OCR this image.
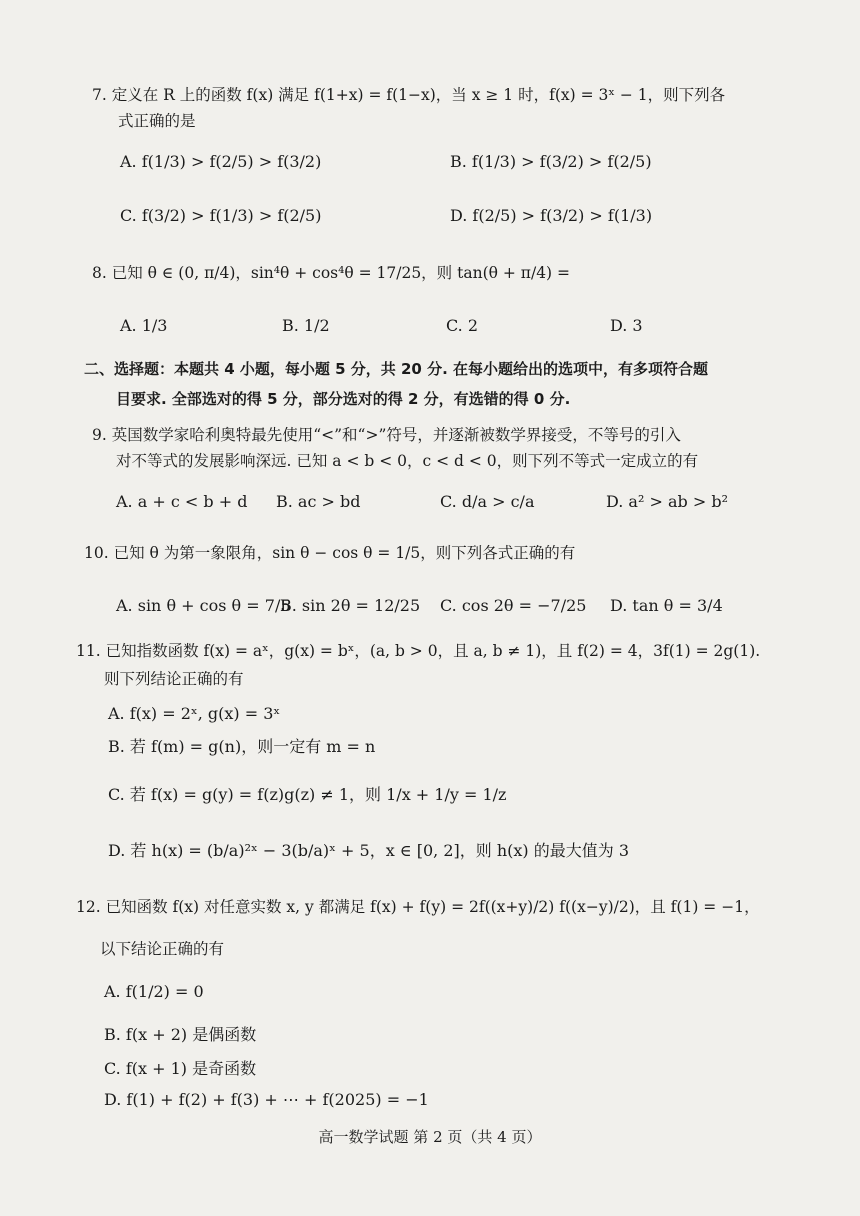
7. 定义在 R 上的函数 f(x) 满足 f(1+x) = f(1−x)，当 x ≥ 1 时，f(x) = 3ˣ − 1，则下列各
式正确的是
A. f(1/3) > f(2/5) > f(3/2)	B. f(1/3) > f(3/2) > f(2/5)
C. f(3/2) > f(1/3) > f(2/5)	D. f(2/5) > f(3/2) > f(1/3)
8. 已知 θ ∈ (0, π/4)，sin⁴θ + cos⁴θ = 17/25，则 tan(θ + π/4) =
A. 1/3	B. 1/2	C. 2	D. 3
二、选择题：本题共 4 小题，每小题 5 分，共 20 分. 在每小题给出的选项中，有多项符合题
目要求. 全部选对的得 5 分，部分选对的得 2 分，有选错的得 0 分.
9. 英国数学家哈利奥特最先使用“<”和“>”符号，并逐渐被数学界接受，不等号的引入
对不等式的发展影响深远. 已知 a < b < 0，c < d < 0，则下列不等式一定成立的有
A. a + c < b + d B. ac > bd	C. d/a > c/a	D. a² > ab > b²
10. 已知 θ 为第一象限角，sin θ − cos θ = 1/5，则下列各式正确的有
A. sin θ + cos θ = 7/5
B. sin 2θ = 12/25 C. cos 2θ = −7/25 D. tan θ = 3/4
11. 已知指数函数 f(x) = aˣ，g(x) = bˣ，(a, b > 0，且 a, b ≠ 1)，且 f(2) = 4，3f(1) = 2g(1).
则下列结论正确的有
A. f(x) = 2ˣ, g(x) = 3ˣ
B. 若 f(m) = g(n)，则一定有 m = n
C. 若 f(x) = g(y) = f(z)g(z) ≠ 1，则 1/x + 1/y = 1/z
D. 若 h(x) = (b/a)²ˣ − 3(b/a)ˣ + 5，x ∈ [0, 2]，则 h(x) 的最大值为 3
12. 已知函数 f(x) 对任意实数 x, y 都满足 f(x) + f(y) = 2f((x+y)/2) f((x−y)/2)，且 f(1) = −1，
以下结论正确的有
A. f(1/2) = 0
B. f(x + 2) 是偶函数
C. f(x + 1) 是奇函数
D. f(1) + f(2) + f(3) + ⋯ + f(2025) = −1
高一数学试题 第 2 页（共 4 页）
